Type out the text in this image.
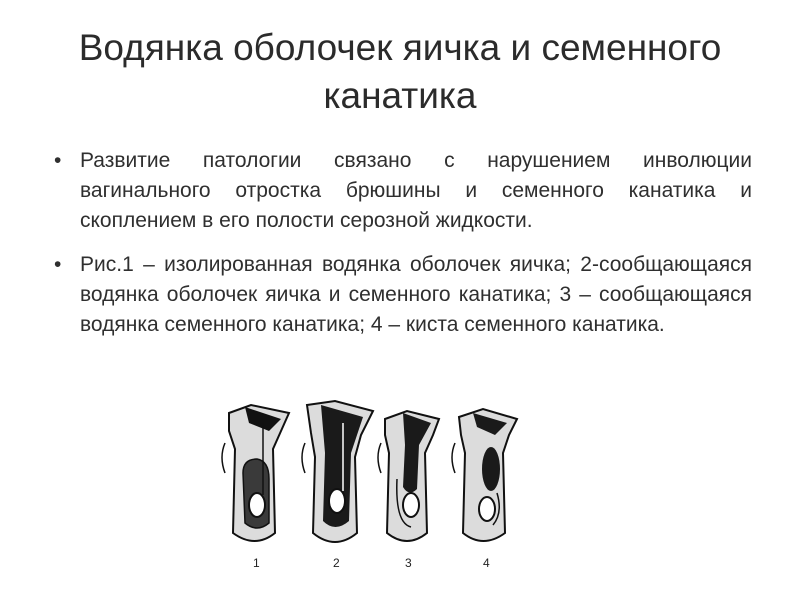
Водянка оболочек яичка и семенного канатика
• Развитие патологии связано с нарушением инволюции вагинального отростка брюшины и семенного канатика и скоплением в его полости серозной жидкости.
• Рис.1 – изолированная водянка оболочек яичка; 2-сообщающаяся водянка оболочек яичка и семенного канатика; 3 – сообщающаяся водянка семенного канатика; 4 – киста семенного канатика.
1	2	3	4
